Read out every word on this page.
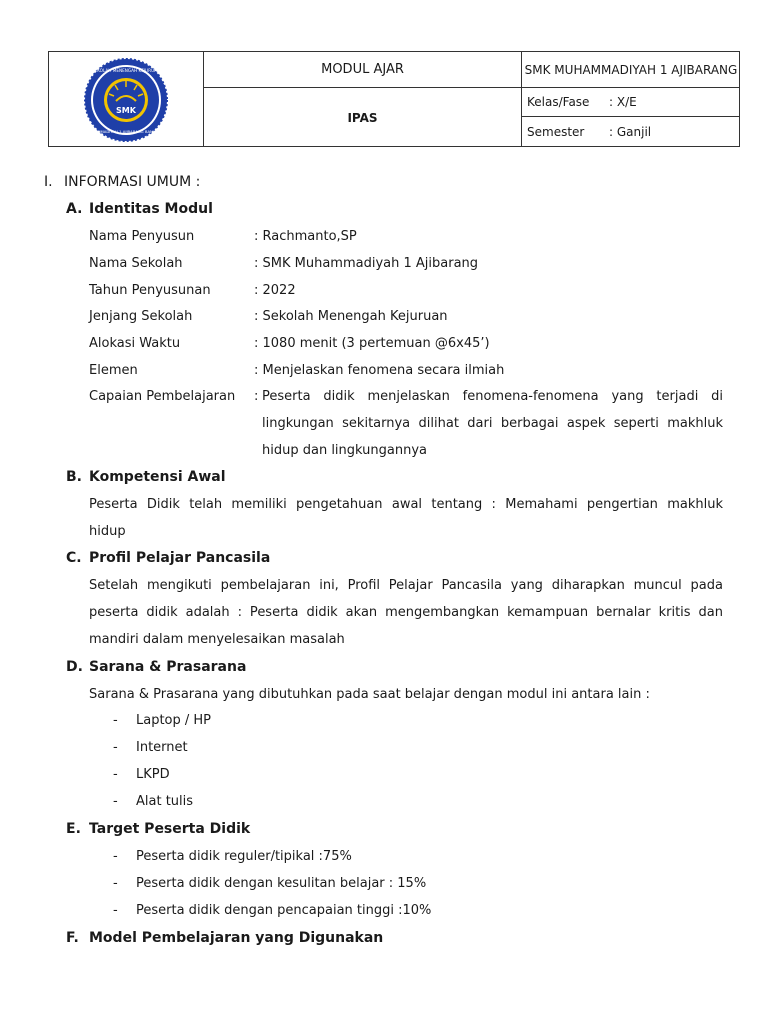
SMK
SEKOLAH MENENGAH KEJURUAN
MUHAMMADIYAH 1 AJIBARANG BANYUMAS
MODUL AJAR
IPAS
SMK MUHAMMADIYAH 1 AJIBARANG
Kelas/Fase	: X/E
Semester	: Ganjil
I. INFORMASI UMUM :
A. Identitas Modul
Nama Penyusun	: Rachmanto,SP
Nama Sekolah	: SMK Muhammadiyah 1 Ajibarang
Tahun Penyusunan	: 2022
Jenjang Sekolah	: Sekolah Menengah Kejuruan
Alokasi Waktu	: 1080 menit (3 pertemuan @6x45’)
Elemen	: Menjelaskan fenomena secara ilmiah
Capaian Pembelajaran : Peserta didik menjelaskan fenomena-fenomena yang terjadi di
lingkungan sekitarnya dilihat dari berbagai aspek seperti makhluk
hidup dan lingkungannya
B. Kompetensi Awal
Peserta Didik telah memiliki pengetahuan awal tentang : Memahami pengertian makhluk
hidup
C. Profil Pelajar Pancasila
Setelah mengikuti pembelajaran ini, Profil Pelajar Pancasila yang diharapkan muncul pada
peserta didik adalah : Peserta didik akan mengembangkan kemampuan bernalar kritis dan
mandiri dalam menyelesaikan masalah
D. Sarana & Prasarana
Sarana & Prasarana yang dibutuhkan pada saat belajar dengan modul ini antara lain :
- Laptop / HP
- Internet
- LKPD
- Alat tulis
E. Target Peserta Didik
- Peserta didik reguler/tipikal :75%
- Peserta didik dengan kesulitan belajar : 15%
- Peserta didik dengan pencapaian tinggi :10%
F. Model Pembelajaran yang Digunakan
